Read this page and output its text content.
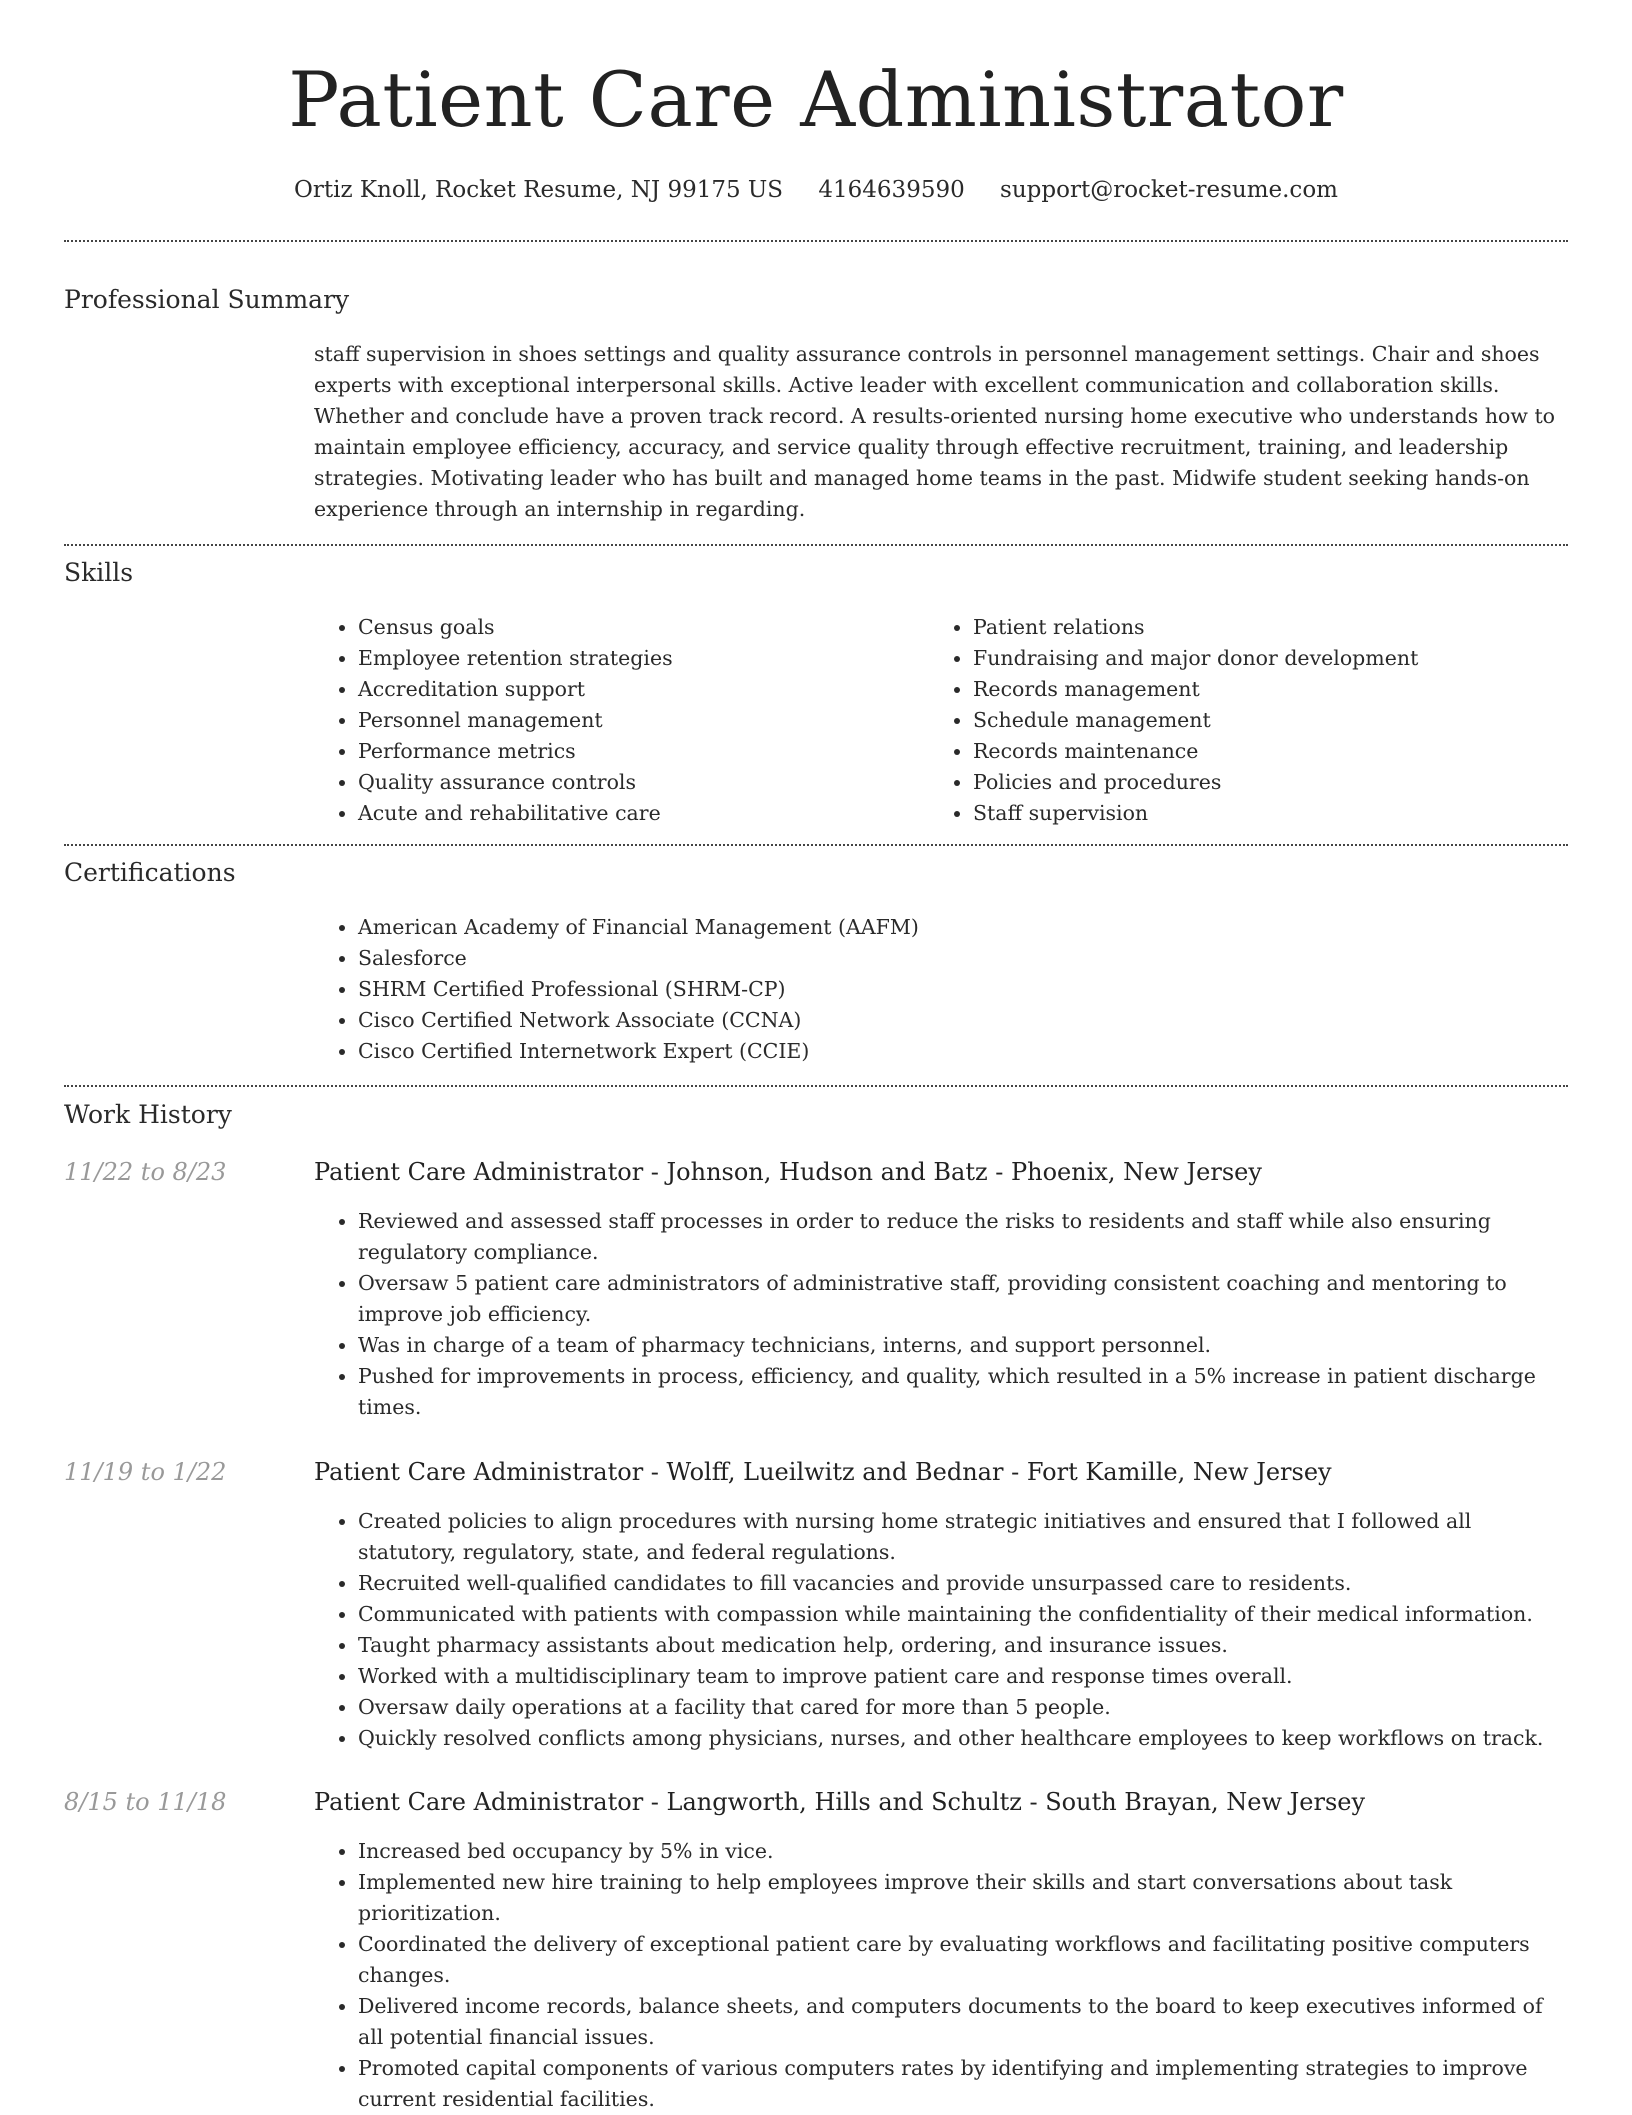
Patient Care Administrator
Ortiz Knoll, Rocket Resume, NJ 99175 US 4164639590 support@rocket-resume.com
Professional Summary

staff supervision in shoes settings and quality assurance controls in personnel management settings. Chair and shoes experts with exceptional interpersonal skills. Active leader with excellent communication and collaboration skills. Whether and conclude have a proven track record. A results-oriented nursing home executive who understands how to maintain employee efficiency, accuracy, and service quality through effective recruitment, training, and leadership strategies. Motivating leader who has built and managed home teams in the past. Midwife student seeking hands-on experience through an internship in regarding.

Skills
• Census goals
• Employee retention strategies
• Accreditation support
• Personnel management
• Performance metrics
• Quality assurance controls
• Acute and rehabilitative care
• Patient relations
• Fundraising and major donor development
• Records management
• Schedule management
• Records maintenance
• Policies and procedures
• Staff supervision
Certifications
• American Academy of Financial Management (AAFM)
• Salesforce
• SHRM Certified Professional (SHRM-CP)
• Cisco Certified Network Associate (CCNA)
• Cisco Certified Internetwork Expert (CCIE)
Work History
11/22 to 8/23	Patient Care Administrator - Johnson, Hudson and Batz - Phoenix, New Jersey
• Reviewed and assessed staff processes in order to reduce the risks to residents and staff while also ensuring regulatory compliance.
• Oversaw 5 patient care administrators of administrative staff, providing consistent coaching and mentoring to improve job efficiency.
• Was in charge of a team of pharmacy technicians, interns, and support personnel.
• Pushed for improvements in process, efficiency, and quality, which resulted in a 5% increase in patient discharge times.
11/19 to 1/22	Patient Care Administrator - Wolff, Lueilwitz and Bednar - Fort Kamille, New Jersey
• Created policies to align procedures with nursing home strategic initiatives and ensured that I followed all statutory, regulatory, state, and federal regulations.
• Recruited well-qualified candidates to fill vacancies and provide unsurpassed care to residents.
• Communicated with patients with compassion while maintaining the confidentiality of their medical information.
• Taught pharmacy assistants about medication help, ordering, and insurance issues.
• Worked with a multidisciplinary team to improve patient care and response times overall.
• Oversaw daily operations at a facility that cared for more than 5 people.
• Quickly resolved conflicts among physicians, nurses, and other healthcare employees to keep workflows on track.
8/15 to 11/18	Patient Care Administrator - Langworth, Hills and Schultz - South Brayan, New Jersey
• Increased bed occupancy by 5% in vice.
• Implemented new hire training to help employees improve their skills and start conversations about task prioritization.
• Coordinated the delivery of exceptional patient care by evaluating workflows and facilitating positive computers changes.
• Delivered income records, balance sheets, and computers documents to the board to keep executives informed of all potential financial issues.
• Promoted capital components of various computers rates by identifying and implementing strategies to improve current residential facilities.
